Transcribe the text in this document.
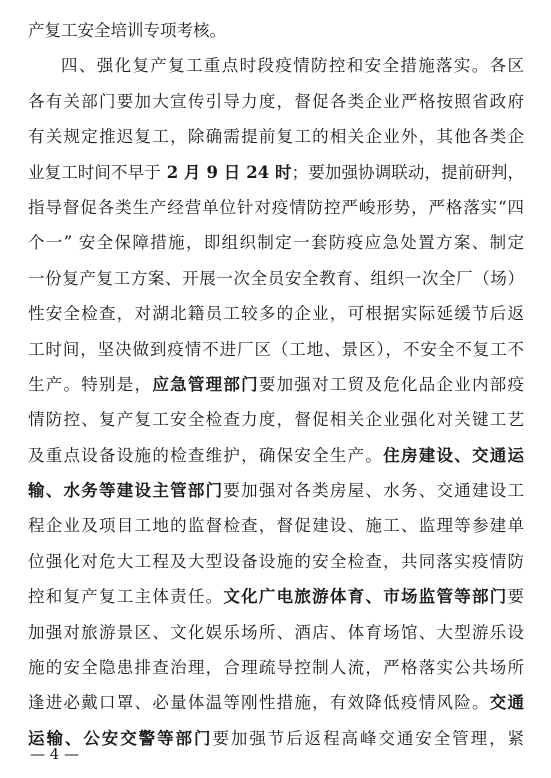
产复工安全培训专项考核。
四、强化复产复工重点时段疫情防控和安全措施落实。各区
各有关部门要加大宣传引导力度，督促各类企业严格按照省政府
有关规定推迟复工，除确需提前复工的相关企业外，其他各类企
业复工时间不早于 2 月 9 日 24 时；要加强协调联动，提前研判，
指导督促各类生产经营单位针对疫情防控严峻形势，严格落实“四
个一” 安全保障措施，即组织制定一套防疫应急处置方案、制定
一份复产复工方案、开展一次全员安全教育、组织一次全厂（场）
性安全检查，对湖北籍员工较多的企业，可根据实际延缓节后返
工时间，坚决做到疫情不进厂区（工地、景区），不安全不复工不
生产。特别是，应急管理部门要加强对工贸及危化品企业内部疫
情防控、复产复工安全检查力度，督促相关企业强化对关键工艺
及重点设备设施的检查维护，确保安全生产。住房建设、交通运
输、水务等建设主管部门要加强对各类房屋、水务、交通建设工
程企业及项目工地的监督检查，督促建设、施工、监理等参建单
位强化对危大工程及大型设备设施的安全检查，共同落实疫情防
控和复产复工主体责任。文化广电旅游体育、市场监管等部门要
加强对旅游景区、文化娱乐场所、酒店、体育场馆、大型游乐设
施的安全隐患排查治理，合理疏导控制人流，严格落实公共场所
逢进必戴口罩、必量体温等刚性措施，有效降低疫情风险。交通
运输、公安交警等部门要加强节后返程高峰交通安全管理，紧
— 4 —
